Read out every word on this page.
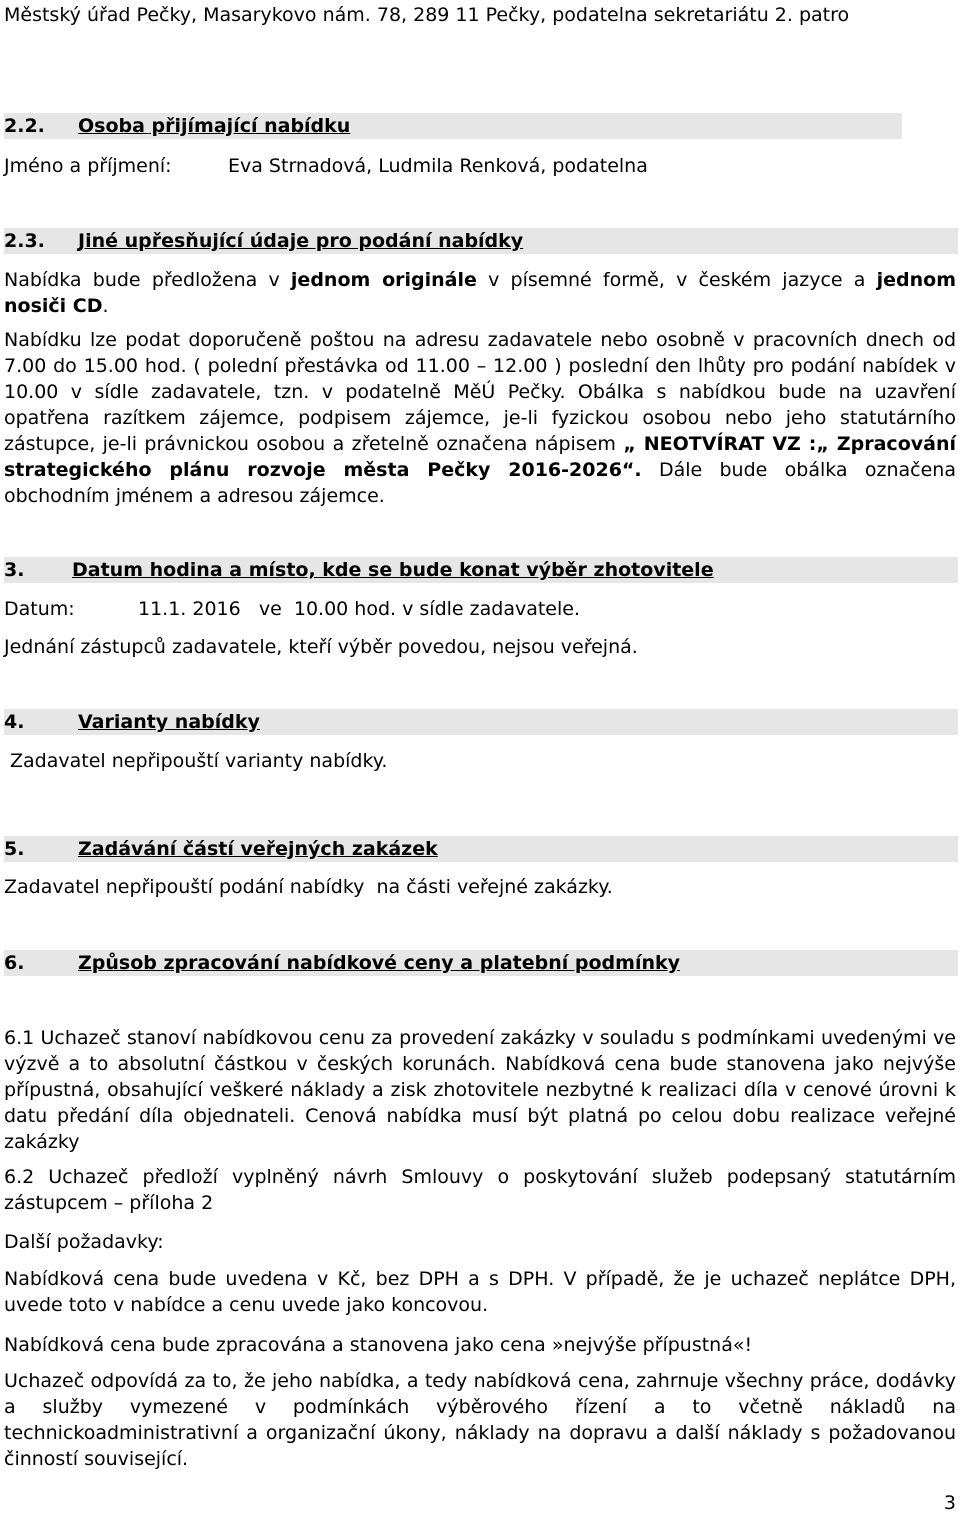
Městský úřad Pečky, Masarykovo nám. 78, 289 11 Pečky, podatelna sekretariátu 2. patro
2.2. Osoba přijímající nabídku
Jméno a příjmení:	Eva Strnadová, Ludmila Renková, podatelna
2.3. Jiné upřesňující údaje pro podání nabídky
Nabídka bude předložena v jednom originále v písemné formě, v českém jazyce a jednom nosiči CD.
Nabídku lze podat doporučeně poštou na adresu zadavatele nebo osobně v pracovních dnech od 7.00 do 15.00 hod. ( polední přestávka od 11.00 – 12.00 ) poslední den lhůty pro podání nabídek v 10.00 v sídle zadavatele, tzn. v podatelně MěÚ Pečky. Obálka s nabídkou bude na uzavření opatřena razítkem zájemce, podpisem zájemce, je-li fyzickou osobou nebo jeho statutárního zástupce, je-li právnickou osobou a zřetelně označena nápisem „ NEOTVÍRAT VZ :„ Zpracování strategického plánu rozvoje města Pečky 2016-2026“. Dále bude obálka označena obchodním jménem a adresou zájemce.
3.	Datum hodina a místo, kde se bude konat výběr zhotovitele
Datum:	11.1. 2016   ve  10.00 hod. v sídle zadavatele.
Jednání zástupců zadavatele, kteří výběr povedou, nejsou veřejná.
4.	Varianty nabídky
Zadavatel nepřipouští varianty nabídky.
5.	Zadávání částí veřejných zakázek
Zadavatel nepřipouští podání nabídky  na části veřejné zakázky.
6.	Způsob zpracování nabídkové ceny a platební podmínky
6.1 Uchazeč stanoví nabídkovou cenu za provedení zakázky v souladu s podmínkami uvedenými ve výzvě a to absolutní částkou v českých korunách. Nabídková cena bude stanovena jako nejvýše přípustná, obsahující veškeré náklady a zisk zhotovitele nezbytné k realizaci díla v cenové úrovni k datu předání díla objednateli. Cenová nabídka musí být platná po celou dobu realizace veřejné zakázky
6.2 Uchazeč předloží vyplněný návrh Smlouvy o poskytování služeb podepsaný statutárním zástupcem – příloha 2
Další požadavky:
Nabídková cena bude uvedena v Kč, bez DPH a s DPH. V případě, že je uchazeč neplátce DPH, uvede toto v nabídce a cenu uvede jako koncovou.
Nabídková cena bude zpracována a stanovena jako cena »nejvýše přípustná«!
Uchazeč odpovídá za to, že jeho nabídka, a tedy nabídková cena, zahrnuje všechny práce, dodávky a služby vymezené v podmínkách výběrového řízení a to včetně nákladů na technickoadministrativní a organizační úkony, náklady na dopravu a další náklady s požadovanou činností související.
3
